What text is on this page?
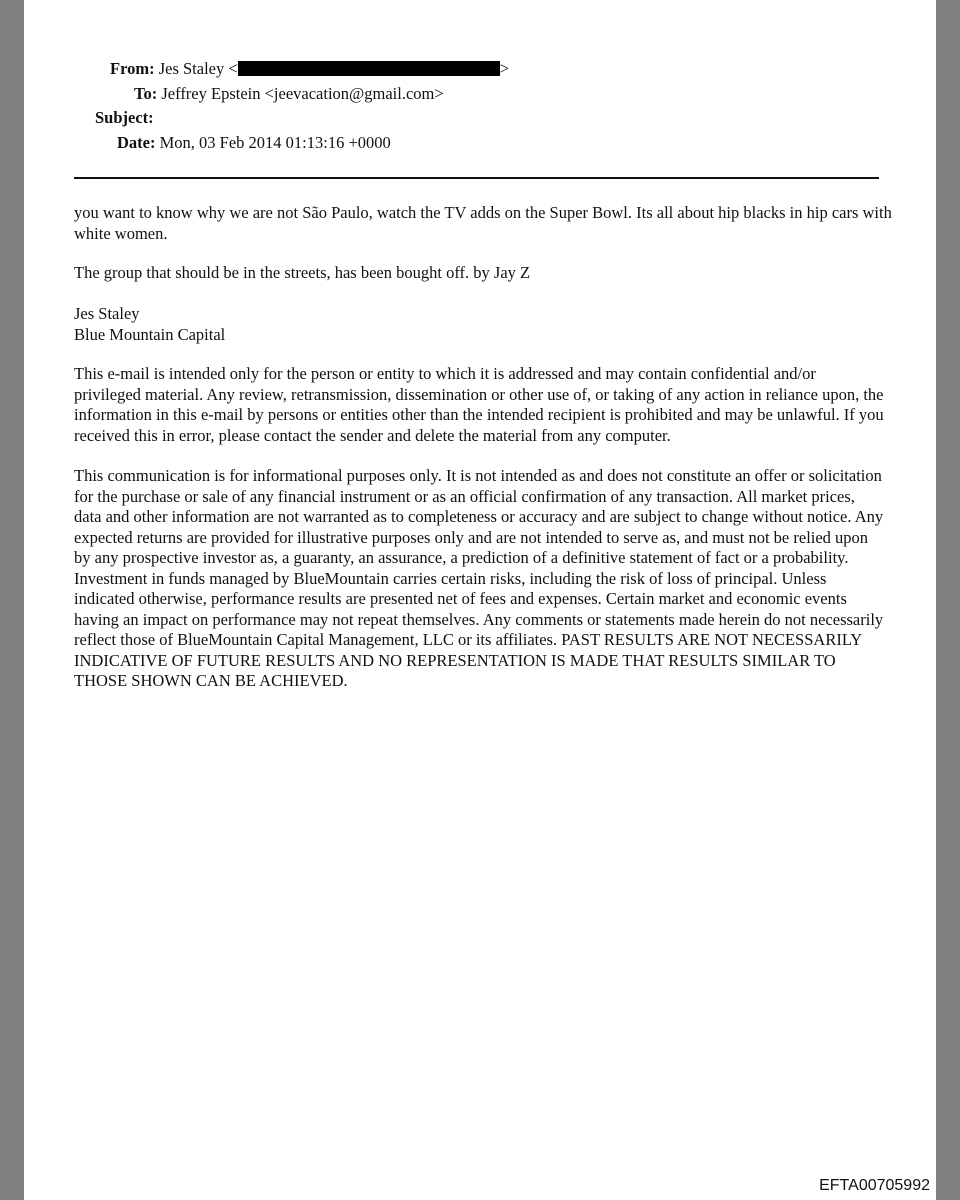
From: Jes Staley <	>
To: Jeffrey Epstein <jeevacation@gmail.com>
Subject:
Date: Mon, 03 Feb 2014 01:13:16 +0000

you want to know why we are not São Paulo, watch the TV adds on the Super Bowl. Its all about hip blacks in hip cars with white women.

The group that should be in the streets, has been bought off. by Jay Z

Jes Staley

Blue Mountain Capital

This e-mail is intended only for the person or entity to which it is addressed and may contain confidential and/or privileged material. Any review, retransmission, dissemination or other use of, or taking of any action in reliance upon, the information in this e-mail by persons or entities other than the intended recipient is prohibited and may be unlawful. If you received this in error, please contact the sender and delete the material from any computer.

This communication is for informational purposes only. It is not intended as and does not constitute an offer or solicitation for the purchase or sale of any financial instrument or as an official confirmation of any transaction. All market prices, data and other information are not warranted as to completeness or accuracy and are subject to change without notice. Any expected returns are provided for illustrative purposes only and are not intended to serve as, and must not be relied upon by any prospective investor as, a guaranty, an assurance, a prediction of a definitive statement of fact or a probability. Investment in funds managed by BlueMountain carries certain risks, including the risk of loss of principal. Unless indicated otherwise, performance results are presented net of fees and expenses. Certain market and economic events having an impact on performance may not repeat themselves. Any comments or statements made herein do not necessarily reflect those of BlueMountain Capital Management, LLC or its affiliates. PAST RESULTS ARE NOT NECESSARILY INDICATIVE OF FUTURE RESULTS AND NO REPRESENTATION IS MADE THAT RESULTS SIMILAR TO THOSE SHOWN CAN BE ACHIEVED.

EFTA00705992
